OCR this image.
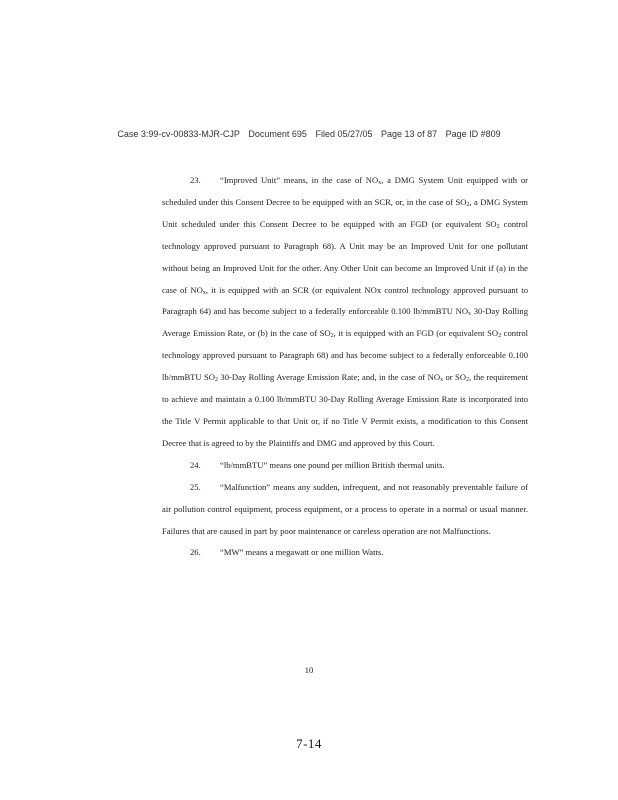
Case 3:99-cv-00833-MJR-CJP Document 695 Filed 05/27/05 Page 13 of 87 Page ID #809

23. “Improved Unit” means, in the case of $NO_x$, a DMG System Unit equipped with or scheduled under this Consent Decree to be equipped with an SCR, or, in the case of $SO_2$, a DMG System Unit scheduled under this Consent Decree to be equipped with an FGD (or equivalent $SO_2$ control technology approved pursuant to Paragraph 68). A Unit may be an Improved Unit for one pollutant without being an Improved Unit for the other. Any Other Unit can become an Improved Unit if (a) in the case of $NO_x$, it is equipped with an SCR (or equivalent NOx control technology approved pursuant to Paragraph 64) and has become subject to a federally enforceable 0.100 lb/mmBTU $NO_x$ 30-Day Rolling Average Emission Rate, or (b) in the case of $SO_2$, it is equipped with an FGD (or equivalent $SO_2$ control technology approved pursuant to Paragraph 68) and has become subject to a federally enforceable 0.100 lb/mmBTU $SO_2$ 30-Day Rolling Average Emission Rate; and, in the case of $NO_x$ or $SO_2$, the requirement to achieve and maintain a 0.100 lb/mmBTU 30-Day Rolling Average Emission Rate is incorporated into the Title V Permit applicable to that Unit or, if no Title V Permit exists, a modification to this Consent Decree that is agreed to by the Plaintiffs and DMG and approved by this Court.

24. “lb/mmBTU” means one pound per million British thermal units.

25. “Malfunction” means any sudden, infrequent, and not reasonably preventable failure of air pollution control equipment, process equipment, or a process to operate in a normal or usual manner. Failures that are caused in part by poor maintenance or careless operation are not Malfunctions.

26. “MW” means a megawatt or one million Watts.

10
7-14
